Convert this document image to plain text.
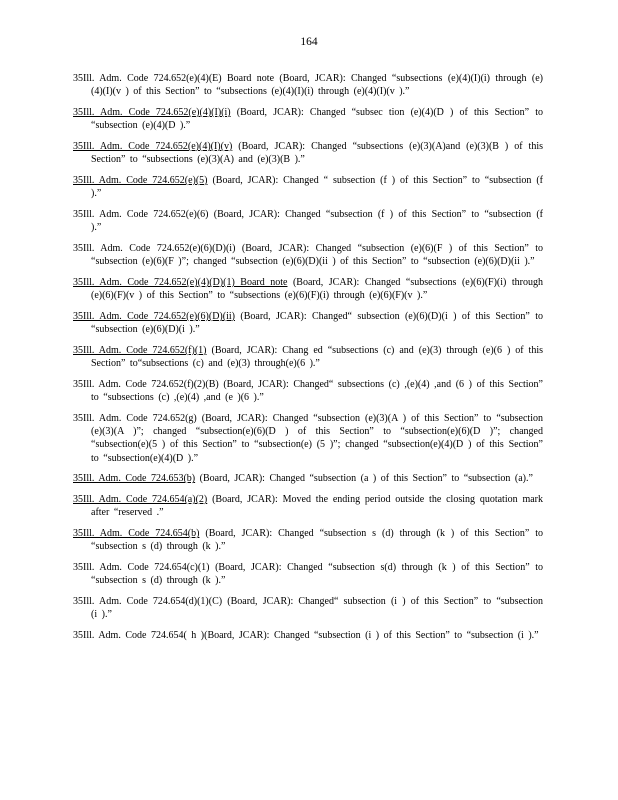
164

35Ill. Adm. Code 724.652(e)(4)(E) Board note (Board, JCAR): Changed “subsections (e)(4)(I)(i) through (e)(4)(I)(v ) of this Section” to “subsections (e)(4)(I)(i) through (e)(4)(I)(v ).”

35Ill. Adm. Code 724.652(e)(4)(I)(i) (Board, JCAR): Changed “subsec tion (e)(4)(D ) of this Section” to “subsection (e)(4)(D ).”

35Ill. Adm. Code 724.652(e)(4)(I)(v) (Board, JCAR): Changed “subsections (e)(3)(A)and (e)(3)(B ) of this Section” to “subsections (e)(3)(A) and (e)(3)(B ).”

35Ill. Adm. Code 724.652(e)(5) (Board, JCAR): Changed “ subsection (f ) of this Section” to “subsection (f ).”

35Ill. Adm. Code 724.652(e)(6) (Board, JCAR): Changed “subsection (f ) of this Section” to “subsection (f ).”

35Ill. Adm. Code 724.652(e)(6)(D)(i) (Board, JCAR): Changed “subsection (e)(6)(F ) of this Section” to “subsection (e)(6)(F )”; changed “subsection (e)(6)(D)(ii ) of this Section” to “subsection (e)(6)(D)(ii ).”

35Ill. Adm. Code 724.652(e)(4)(D)(1) Board note (Board, JCAR): Changed “subsections (e)(6)(F)(i) through (e)(6)(F)(v ) of this Section” to “subsections (e)(6)(F)(i) through (e)(6)(F)(v ).”

35Ill. Adm. Code 724.652(e)(6)(D)(ii) (Board, JCAR): Changed“ subsection (e)(6)(D)(i ) of this Section” to “subsection (e)(6)(D)(i ).”

35Ill. Adm. Code 724.652(f)(1) (Board, JCAR): Chang ed “subsections (c) and (e)(3) through (e)(6 ) of this Section” to“subsections (c) and (e)(3) through(e)(6 ).”

35Ill. Adm. Code 724.652(f)(2)(B) (Board, JCAR): Changed“ subsections (c) ,(e)(4) ,and (6 ) of this Section” to “subsections (c) ,(e)(4) ,and (e )(6 ).”

35Ill. Adm. Code 724.652(g) (Board, JCAR): Changed “subsection (e)(3)(A ) of this Section” to “subsection (e)(3)(A )”; changed “subsection(e)(6)(D ) of this Section” to “subsection(e)(6)(D )”; changed “subsection(e)(5 ) of this Section” to “subsection(e) (5 )”; changed “subsection(e)(4)(D ) of this Section” to “subsection(e)(4)(D ).”

35Ill. Adm. Code 724.653(b) (Board, JCAR): Changed “subsection (a ) of this Section” to “subsection (a).”

35Ill. Adm. Code 724.654(a)(2) (Board, JCAR): Moved the ending period outside the closing quotation mark after “reserved .”

35Ill. Adm. Code 724.654(b) (Board, JCAR): Changed “subsection s (d) through (k ) of this Section” to “subsection s (d) through (k ).”

35Ill. Adm. Code 724.654(c)(1) (Board, JCAR): Changed “subsection s(d) through (k ) of this Section” to “subsection s (d) through (k ).”

35Ill. Adm. Code 724.654(d)(1)(C) (Board, JCAR): Changed“ subsection (i ) of this Section” to “subsection (i ).”

35Ill. Adm. Code 724.654( h )(Board, JCAR): Changed “subsection (i ) of this Section” to “subsection (i ).”
